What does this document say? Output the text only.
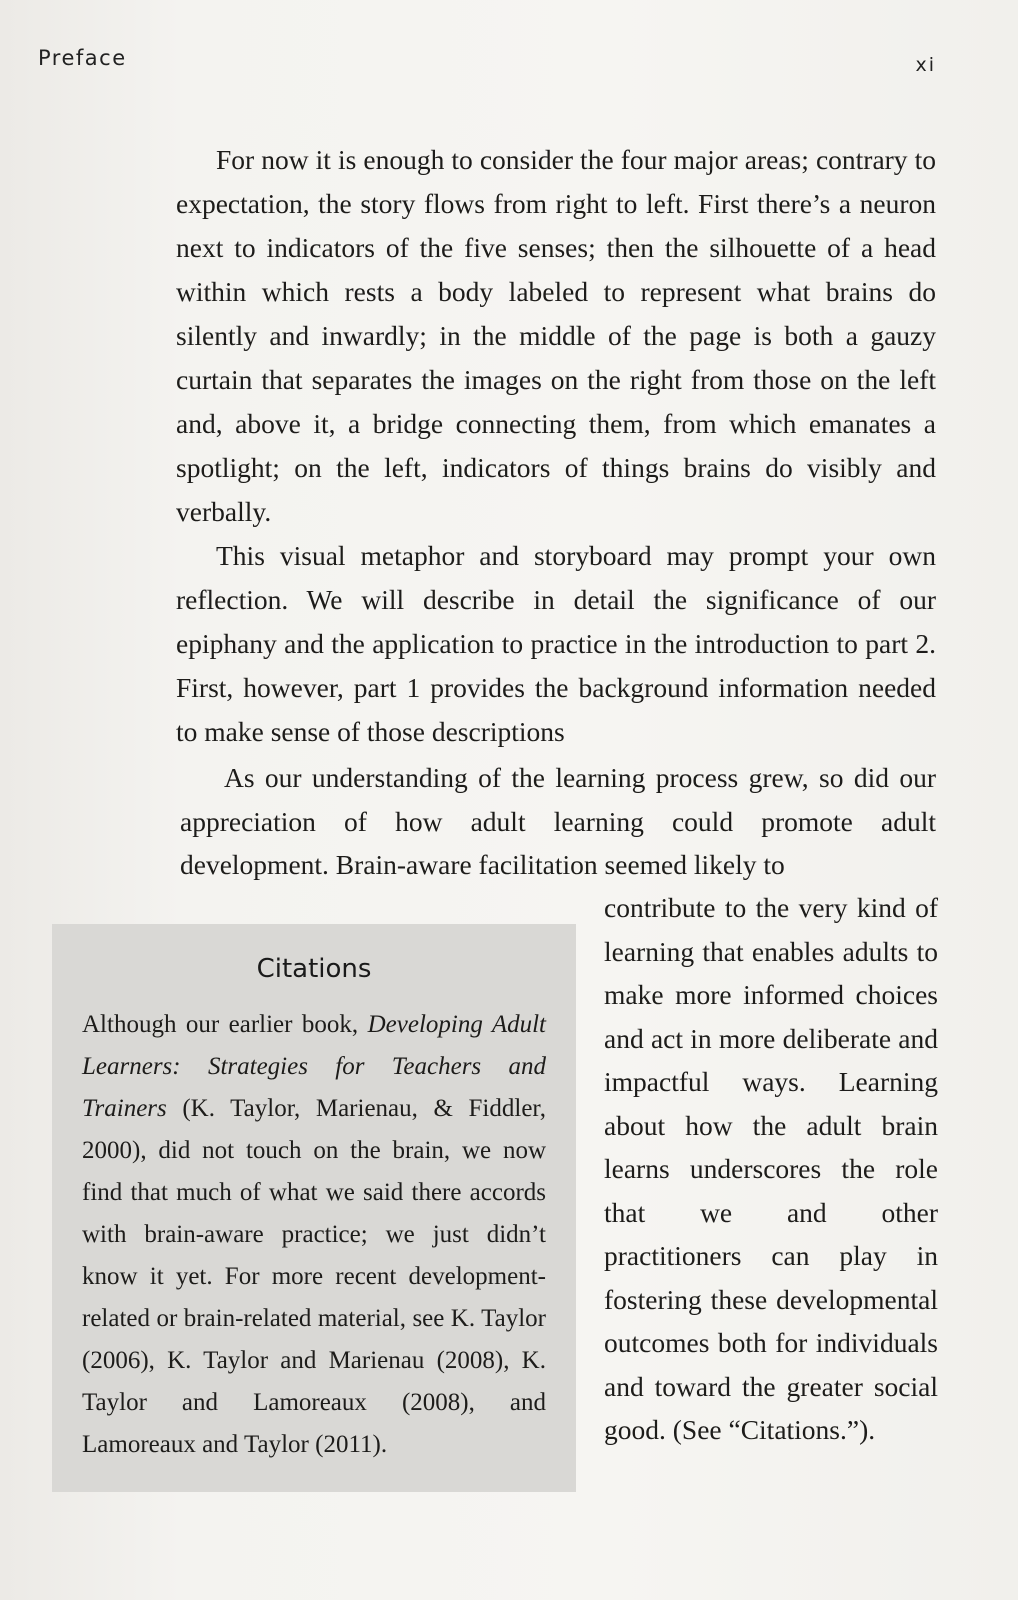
Preface	xi

For now it is enough to consider the four major areas; contrary to expectation, the story flows from right to left. First there’s a neuron next to indicators of the five senses; then the silhouette of a head within which rests a body labeled to represent what brains do silently and inwardly; in the middle of the page is both a gauzy curtain that separates the images on the right from those on the left and, above it, a bridge connecting them, from which emanates a spotlight; on the left, indicators of things brains do visibly and verbally.

This visual metaphor and storyboard may prompt your own reflection. We will describe in detail the significance of our epiphany and the application to practice in the introduction to part 2. First, however, part 1 provides the background information needed to make sense of those descriptions

As our understanding of the learning process grew, so did our appreciation of how adult learning could promote adult development. Brain-aware facilitation seemed likely to

contribute to the very kind of learning that enables adults to make more informed choices and act in more deliberate and impactful ways. Learning about how the adult brain learns underscores the role that we and other practitioners can play in fostering these developmental outcomes both for individuals and toward the greater social good. (See “Citations.”).

Citations
Although our earlier book, Developing Adult Learners: Strategies for Teachers and Trainers (K. Taylor, Marienau, & Fiddler, 2000), did not touch on the brain, we now find that much of what we said there accords with brain-aware practice; we just didn’t know it yet. For more recent development-related or brain-related material, see K. Taylor (2006), K. Taylor and Marienau (2008), K. Taylor and Lamoreaux (2008), and Lamoreaux and Taylor (2011).
